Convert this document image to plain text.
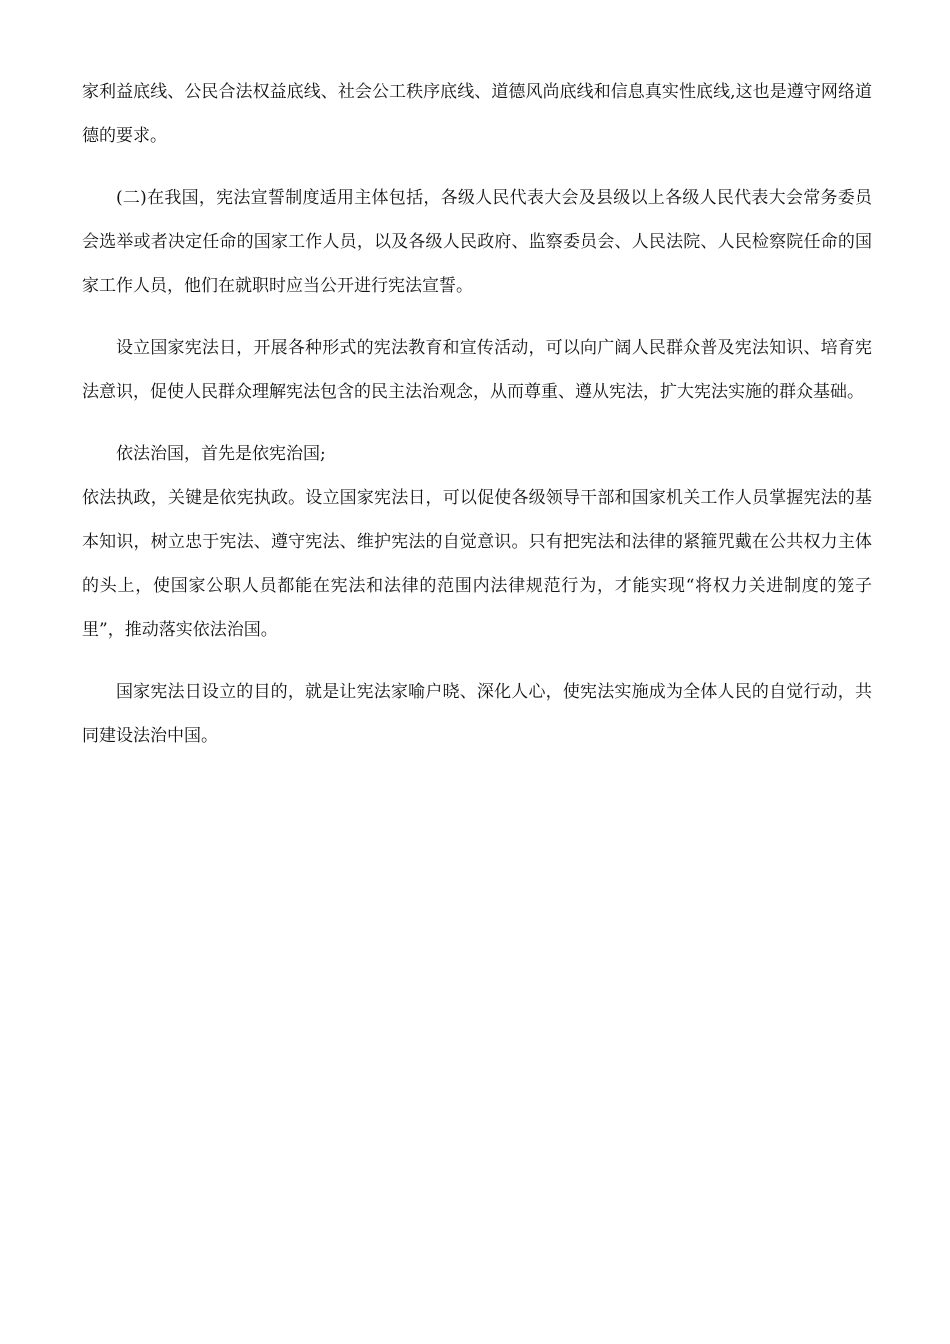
家利益底线、公民合法权益底线、社会公工秩序底线、道德风尚底线和信息真实性底线,这也是遵守网络道德的要求。

(二)在我国，宪法宣誓制度适用主体包括，各级人民代表大会及县级以上各级人民代表大会常务委员会选举或者决定任命的国家工作人员，以及各级人民政府、监察委员会、人民法院、人民检察院任命的国家工作人员，他们在就职时应当公开进行宪法宣誓。

设立国家宪法日，开展各种形式的宪法教育和宣传活动，可以向广阔人民群众普及宪法知识、培育宪法意识，促使人民群众理解宪法包含的民主法治观念，从而尊重、遵从宪法，扩大宪法实施的群众基础。

依法治国，首先是依宪治国;

依法执政，关键是依宪执政。设立国家宪法日，可以促使各级领导干部和国家机关工作人员掌握宪法的基本知识，树立忠于宪法、遵守宪法、维护宪法的自觉意识。只有把宪法和法律的紧箍咒戴在公共权力主体的头上，使国家公职人员都能在宪法和法律的范围内法律规范行为，才能实现“将权力关进制度的笼子里”，推动落实依法治国。

国家宪法日设立的目的，就是让宪法家喻户晓、深化人心，使宪法实施成为全体人民的自觉行动，共同建设法治中国。
